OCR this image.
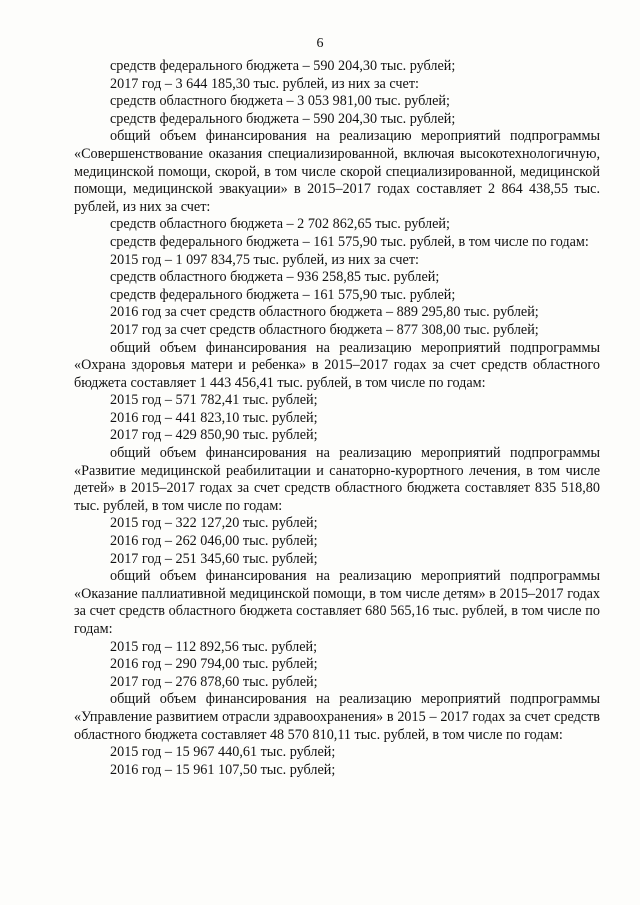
6
средств федерального бюджета – 590 204,30 тыс. рублей;
2017 год – 3 644 185,30 тыс. рублей, из них за счет:
средств областного бюджета – 3 053 981,00 тыс. рублей;
средств федерального бюджета – 590 204,30 тыс. рублей;
общий объем финансирования на реализацию мероприятий подпрограммы «Совершенствование оказания специализированной, включая высокотехнологичную, медицинской помощи, скорой, в том числе скорой специализированной, медицинской помощи, медицинской эвакуации» в 2015–2017 годах составляет 2 864 438,55 тыс. рублей, из них за счет:
средств областного бюджета – 2 702 862,65 тыс. рублей;
средств федерального бюджета – 161 575,90 тыс. рублей, в том числе по годам:
2015 год – 1 097 834,75 тыс. рублей, из них за счет:
средств областного бюджета – 936 258,85 тыс. рублей;
средств федерального бюджета – 161 575,90 тыс. рублей;
2016 год за счет средств областного бюджета – 889 295,80 тыс. рублей;
2017 год за счет средств областного бюджета – 877 308,00 тыс. рублей;
общий объем финансирования на реализацию мероприятий подпрограммы «Охрана здоровья матери и ребенка» в 2015–2017 годах за счет средств областного бюджета составляет 1 443 456,41 тыс. рублей, в том числе по годам:
2015 год – 571 782,41 тыс. рублей;
2016 год – 441 823,10 тыс. рублей;
2017 год – 429 850,90 тыс. рублей;
общий объем финансирования на реализацию мероприятий подпрограммы «Развитие медицинской реабилитации и санаторно-курортного лечения, в том числе детей» в 2015–2017 годах за счет средств областного бюджета составляет 835 518,80 тыс. рублей, в том числе по годам:
2015 год – 322 127,20 тыс. рублей;
2016 год – 262 046,00 тыс. рублей;
2017 год – 251 345,60 тыс. рублей;
общий объем финансирования на реализацию мероприятий подпрограммы «Оказание паллиативной медицинской помощи, в том числе детям» в 2015–2017 годах за счет средств областного бюджета составляет 680 565,16 тыс. рублей, в том числе по годам:
2015 год – 112 892,56 тыс. рублей;
2016 год – 290 794,00 тыс. рублей;
2017 год – 276 878,60 тыс. рублей;
общий объем финансирования на реализацию мероприятий подпрограммы «Управление развитием отрасли здравоохранения» в 2015 – 2017 годах за счет средств областного бюджета составляет 48 570 810,11 тыс. рублей, в том числе по годам:
2015 год – 15 967 440,61 тыс. рублей;
2016 год – 15 961 107,50 тыс. рублей;
